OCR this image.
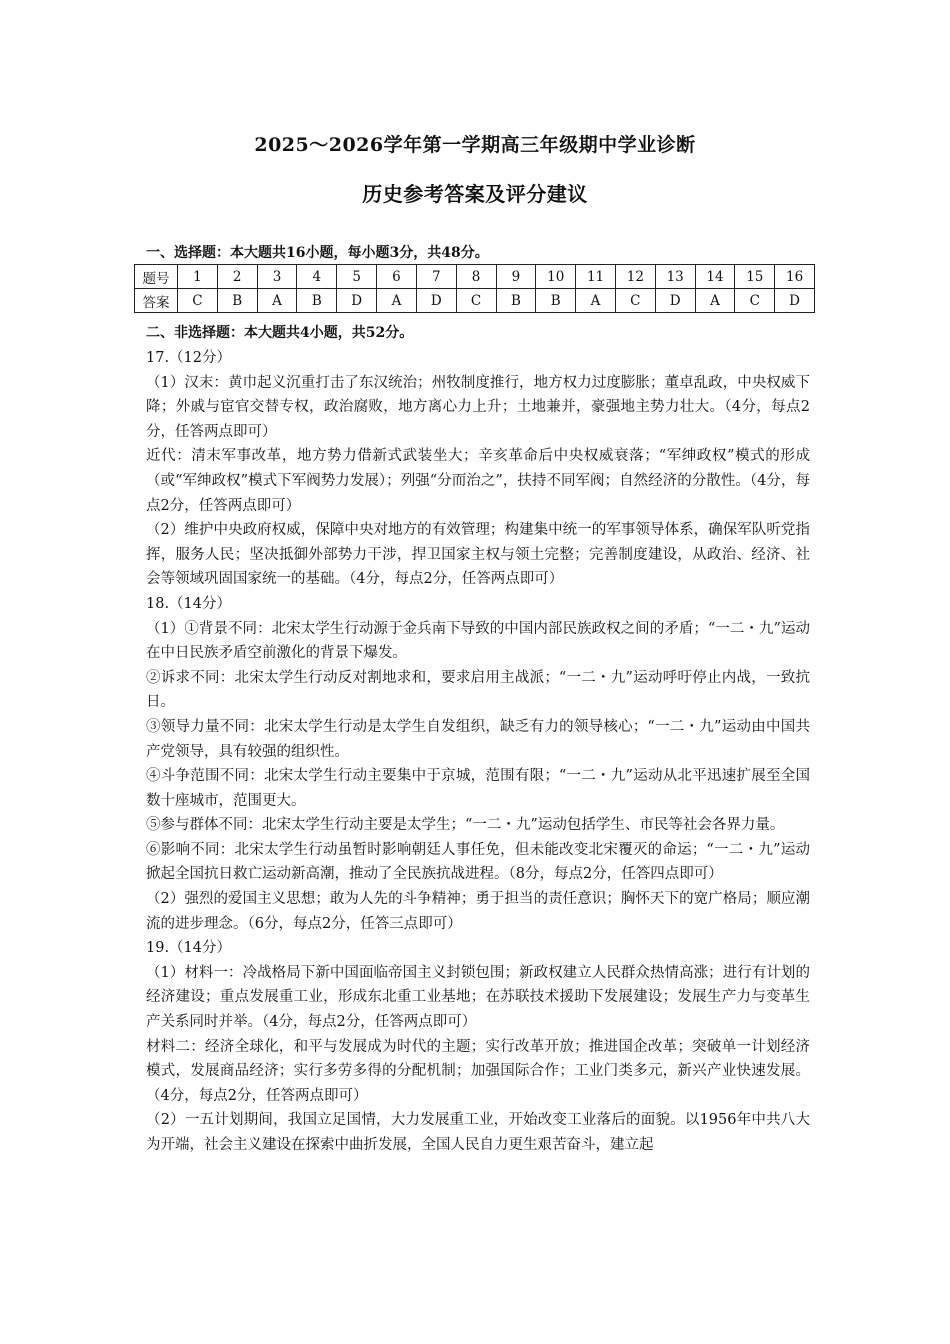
2025～2026学年第一学期高三年级期中学业诊断
历史参考答案及评分建议
一、选择题：本大题共16小题，每小题3分，共48分。
题号	1	2	3	4	5	6	7	8	9	10	11	12	13	14	15	16
答案	C	B	A	B	D	A	D	C	B	B	A	C	D	A	C	D
二、非选择题：本大题共4小题，共52分。

17.（12分）

（1）汉末：黄巾起义沉重打击了东汉统治；州牧制度推行，地方权力过度膨胀；董卓乱政，中央权威下降；外戚与宦官交替专权，政治腐败，地方离心力上升；土地兼并，豪强地主势力壮大。（4分，每点2分，任答两点即可）

近代：清末军事改革，地方势力借新式武装坐大；辛亥革命后中央权威衰落；“军绅政权”模式的形成（或“军绅政权”模式下军阀势力发展）；列强“分而治之”，扶持不同军阀；自然经济的分散性。（4分，每点2分，任答两点即可）

（2）维护中央政府权威，保障中央对地方的有效管理；构建集中统一的军事领导体系，确保军队听党指挥，服务人民；坚决抵御外部势力干涉，捍卫国家主权与领土完整；完善制度建设，从政治、经济、社会等领域巩固国家统一的基础。（4分，每点2分，任答两点即可）

18.（14分）

（1）①背景不同：北宋太学生行动源于金兵南下导致的中国内部民族政权之间的矛盾；“一二・九”运动在中日民族矛盾空前激化的背景下爆发。

②诉求不同：北宋太学生行动反对割地求和，要求启用主战派；“一二・九”运动呼吁停止内战，一致抗日。

③领导力量不同：北宋太学生行动是太学生自发组织，缺乏有力的领导核心；“一二・九”运动由中国共产党领导，具有较强的组织性。

④斗争范围不同：北宋太学生行动主要集中于京城，范围有限；“一二・九”运动从北平迅速扩展至全国数十座城市，范围更大。

⑤参与群体不同：北宋太学生行动主要是太学生；“一二・九”运动包括学生、市民等社会各界力量。

⑥影响不同：北宋太学生行动虽暂时影响朝廷人事任免，但未能改变北宋覆灭的命运；“一二・九”运动掀起全国抗日救亡运动新高潮，推动了全民族抗战进程。（8分，每点2分，任答四点即可）

（2）强烈的爱国主义思想；敢为人先的斗争精神；勇于担当的责任意识；胸怀天下的宽广格局；顺应潮流的进步理念。（6分，每点2分，任答三点即可）

19.（14分）

（1）材料一：冷战格局下新中国面临帝国主义封锁包围；新政权建立人民群众热情高涨；进行有计划的经济建设；重点发展重工业，形成东北重工业基地；在苏联技术援助下发展建设；发展生产力与变革生产关系同时并举。（4分，每点2分，任答两点即可）

材料二：经济全球化，和平与发展成为时代的主题；实行改革开放；推进国企改革；突破单一计划经济模式，发展商品经济；实行多劳多得的分配机制；加强国际合作；工业门类多元，新兴产业快速发展。（4分，每点2分，任答两点即可）

（2）一五计划期间，我国立足国情，大力发展重工业，开始改变工业落后的面貌。以1956年中共八大为开端，社会主义建设在探索中曲折发展，全国人民自力更生艰苦奋斗，建立起
